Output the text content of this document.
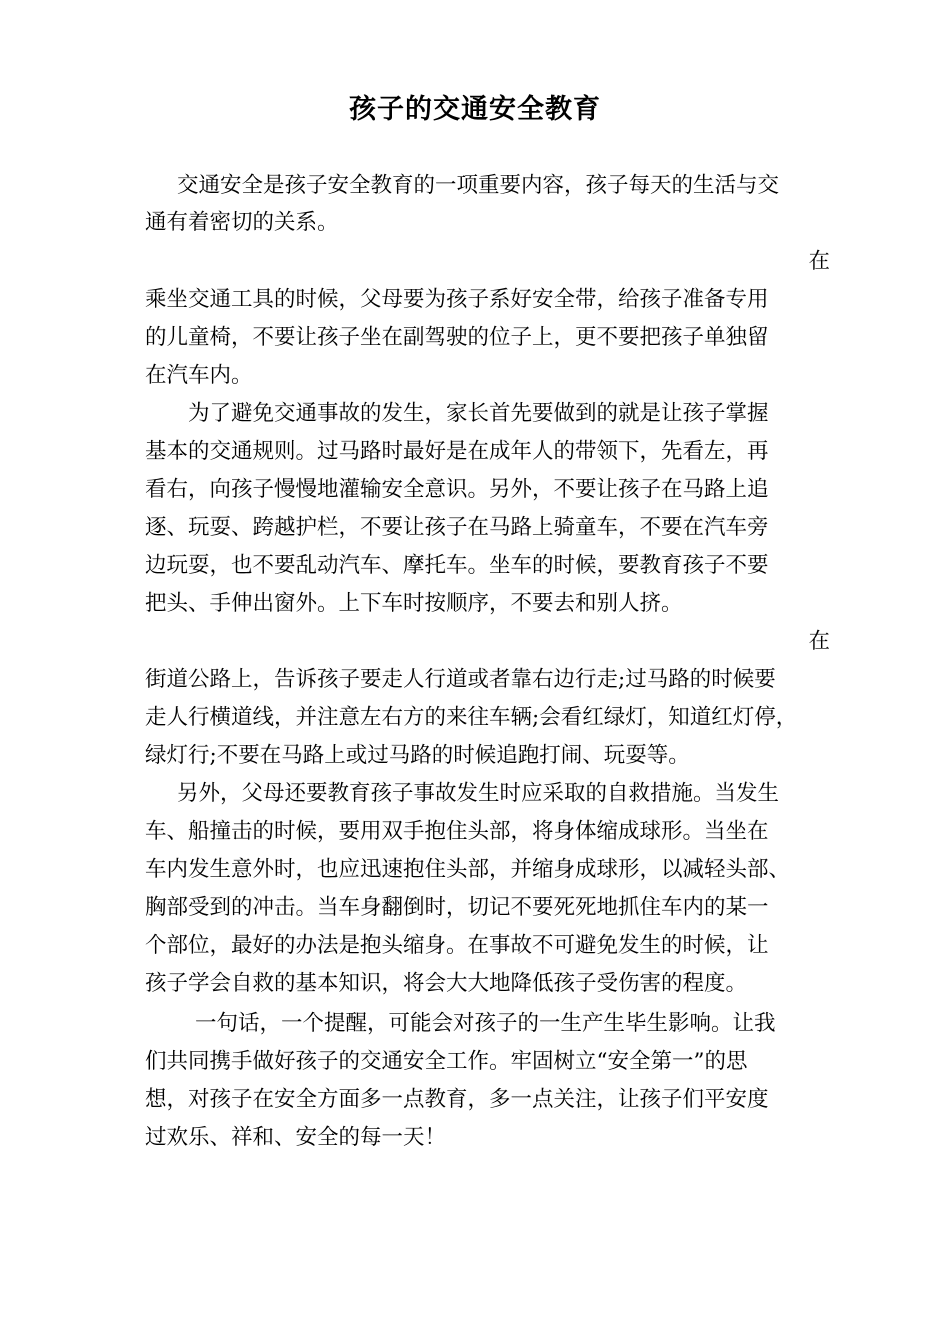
孩子的交通安全教育
交通安全是孩子安全教育的一项重要内容，孩子每天的生活与交
通有着密切的关系。
在
乘坐交通工具的时候，父母要为孩子系好安全带，给孩子准备专用
的儿童椅，不要让孩子坐在副驾驶的位子上，更不要把孩子单独留
在汽车内。
为了避免交通事故的发生，家长首先要做到的就是让孩子掌握
基本的交通规则。过马路时最好是在成年人的带领下，先看左，再
看右，向孩子慢慢地灌输安全意识。另外，不要让孩子在马路上追
逐、玩耍、跨越护栏，不要让孩子在马路上骑童车，不要在汽车旁
边玩耍，也不要乱动汽车、摩托车。坐车的时候，要教育孩子不要
把头、手伸出窗外。上下车时按顺序，不要去和别人挤。
在
街道公路上，告诉孩子要走人行道或者靠右边行走;过马路的时候要
走人行横道线，并注意左右方的来往车辆;会看红绿灯，知道红灯停，
绿灯行;不要在马路上或过马路的时候追跑打闹、玩耍等。
另外，父母还要教育孩子事故发生时应采取的自救措施。当发生
车、船撞击的时候，要用双手抱住头部，将身体缩成球形。当坐在
车内发生意外时，也应迅速抱住头部，并缩身成球形，以减轻头部、
胸部受到的冲击。当车身翻倒时，切记不要死死地抓住车内的某一
个部位，最好的办法是抱头缩身。在事故不可避免发生的时候，让
孩子学会自救的基本知识，将会大大地降低孩子受伤害的程度。
一句话，一个提醒，可能会对孩子的一生产生毕生影响。让我
们共同携手做好孩子的交通安全工作。牢固树立“安全第一”的思
想，对孩子在安全方面多一点教育，多一点关注，让孩子们平安度
过欢乐、祥和、安全的每一天！
